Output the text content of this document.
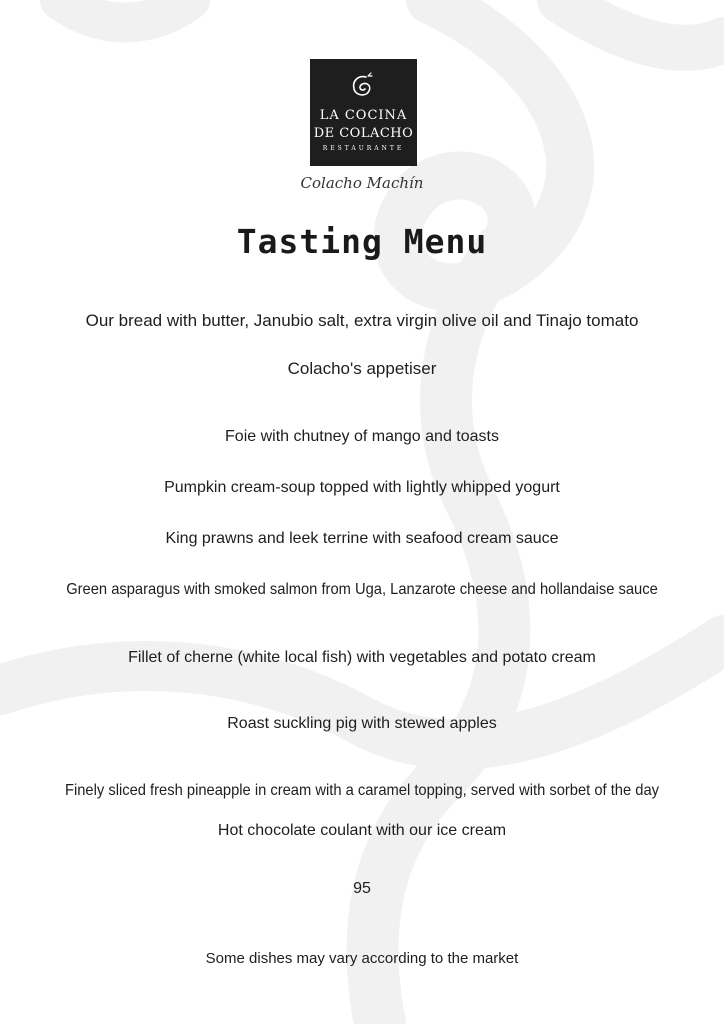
LA COCINA
DE COLACHO
RESTAURANTE
Colacho Machín
Tasting Menu
Our bread with butter, Janubio salt, extra virgin olive oil and Tinajo tomato
Colacho's appetiser
Foie with chutney of mango and toasts
Pumpkin cream-soup topped with lightly whipped yogurt
King prawns and leek terrine with seafood cream sauce
Green asparagus with smoked salmon from Uga, Lanzarote cheese and hollandaise sauce
Fillet of cherne (white local fish) with vegetables and potato cream
Roast suckling pig with stewed apples
Finely sliced fresh pineapple in cream with a caramel topping, served with sorbet of the day
Hot chocolate coulant with our ice cream
95
Some dishes may vary according to the market
